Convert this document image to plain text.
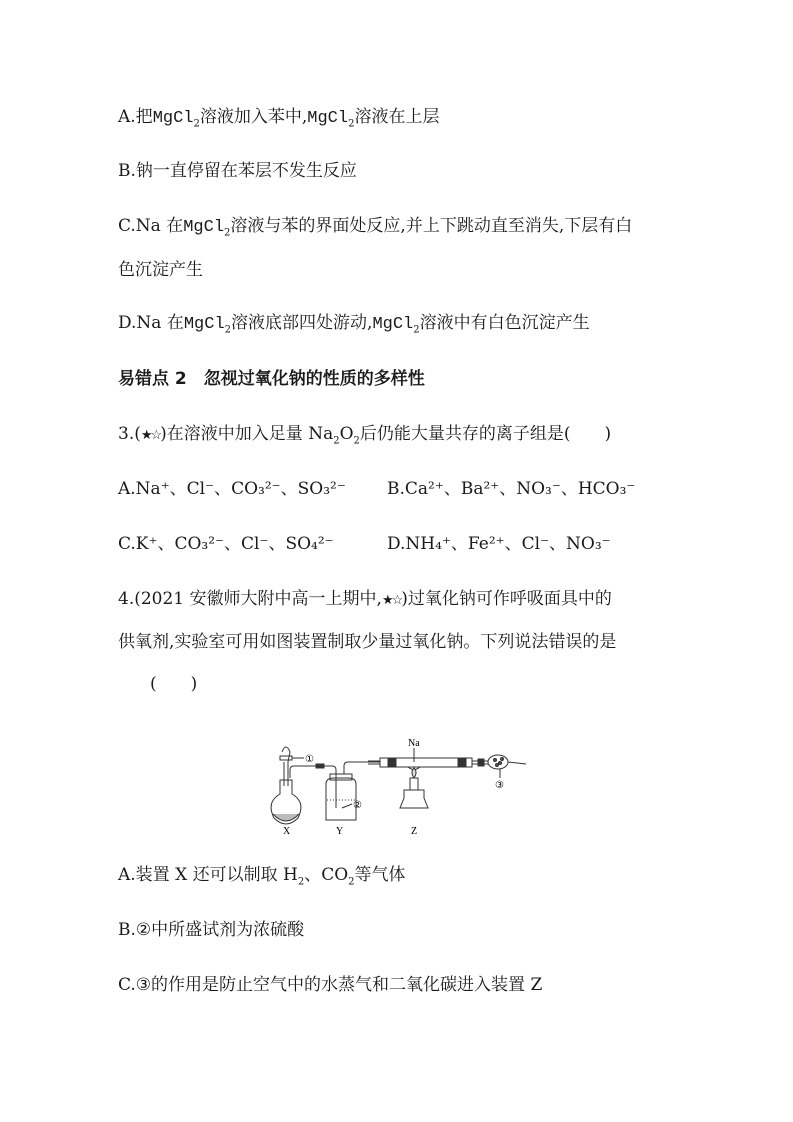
A.把MgCl$_2$溶液加入苯中,MgCl$_2$溶液在上层
B.钠一直停留在苯层不发生反应
C.Na 在MgCl$_2$溶液与苯的界面处反应,并上下跳动直至消失,下层有白
色沉淀产生
D.Na 在MgCl$_2$溶液底部四处游动,MgCl$_2$溶液中有白色沉淀产生
易错点 2　忽视过氧化钠的性质的多样性
3.(★☆)在溶液中加入足量 $Na_2O_2$后仍能大量共存的离子组是(　　)
A.Na⁺、Cl⁻、CO₃²⁻、SO₃²⁻ B.Ca²⁺、Ba²⁺、NO₃⁻、HCO₃⁻
C.K⁺、CO₃²⁻、Cl⁻、SO₄²⁻	D.NH₄⁺、Fe²⁺、Cl⁻、NO₃⁻
4.(2021 安徽师大附中高一上期中,★☆)过氧化钠可作呼吸面具中的
供氧剂,实验室可用如图装置制取少量过氧化钠。下列说法错误的是
(　　)
X	Y	Z
①
②
③
Na
A.装置 X 还可以制取 $H_2$、$CO_2$等气体
B.②中所盛试剂为浓硫酸
C.③的作用是防止空气中的水蒸气和二氧化碳进入装置 Z
